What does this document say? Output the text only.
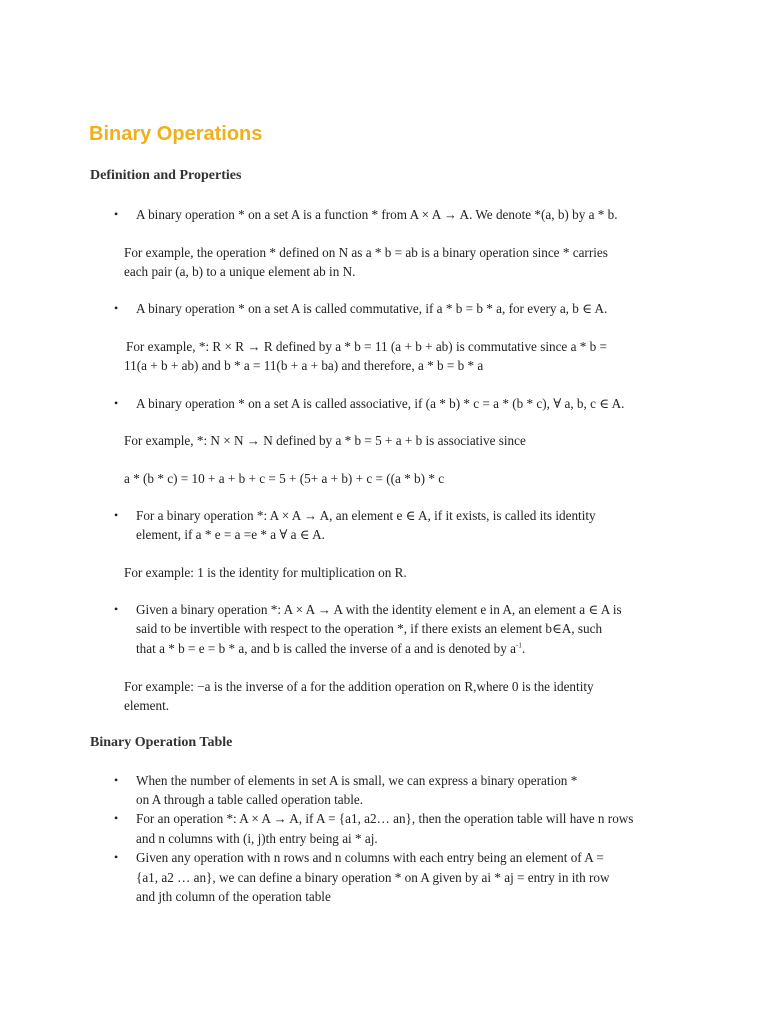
Binary Operations
Definition and Properties
• A binary operation * on a set A is a function * from A × A → A. We denote *(a, b) by a * b.
For example, the operation * defined on N as a * b = ab is a binary operation since * carries
each pair (a, b) to a unique element ab in N.
• A binary operation * on a set A is called commutative, if a * b = b * a, for every a, b ∈ A.
For example, *: R × R → R defined by a * b = 11 (a + b + ab) is commutative since a * b =
11(a + b + ab) and b * a = 11(b + a + ba) and therefore, a * b = b * a
• A binary operation * on a set A is called associative, if (a * b) * c = a * (b * c), ∀ a, b, c ∈ A.
For example, *: N × N → N defined by a * b = 5 + a + b is associative since
a * (b * c) = 10 + a + b + c = 5 + (5+ a + b) + c = ((a * b) * c
• For a binary operation *: A × A → A, an element e ∈ A, if it exists, is called its identity
element, if a * e = a =e * a ∀ a ∈ A.
For example: 1 is the identity for multiplication on R.
• Given a binary operation *: A × A → A with the identity element e in A, an element a ∈ A is
said to be invertible with respect to the operation *, if there exists an element b∈A, such
that a * b = e = b * a, and b is called the inverse of a and is denoted by $a^{-1}$.
For example: −a is the inverse of a for the addition operation on R,where 0 is the identity
element.
Binary Operation Table
• When the number of elements in set A is small, we can express a binary operation *
on A through a table called operation table.
• For an operation *: A × A → A, if A = {a1, a2… an}, then the operation table will have n rows
and n columns with (i, j)th entry being ai * aj.
• Given any operation with n rows and n columns with each entry being an element of A =
{a1, a2 … an}, we can define a binary operation * on A given by ai * aj = entry in ith row
and jth column of the operation table
